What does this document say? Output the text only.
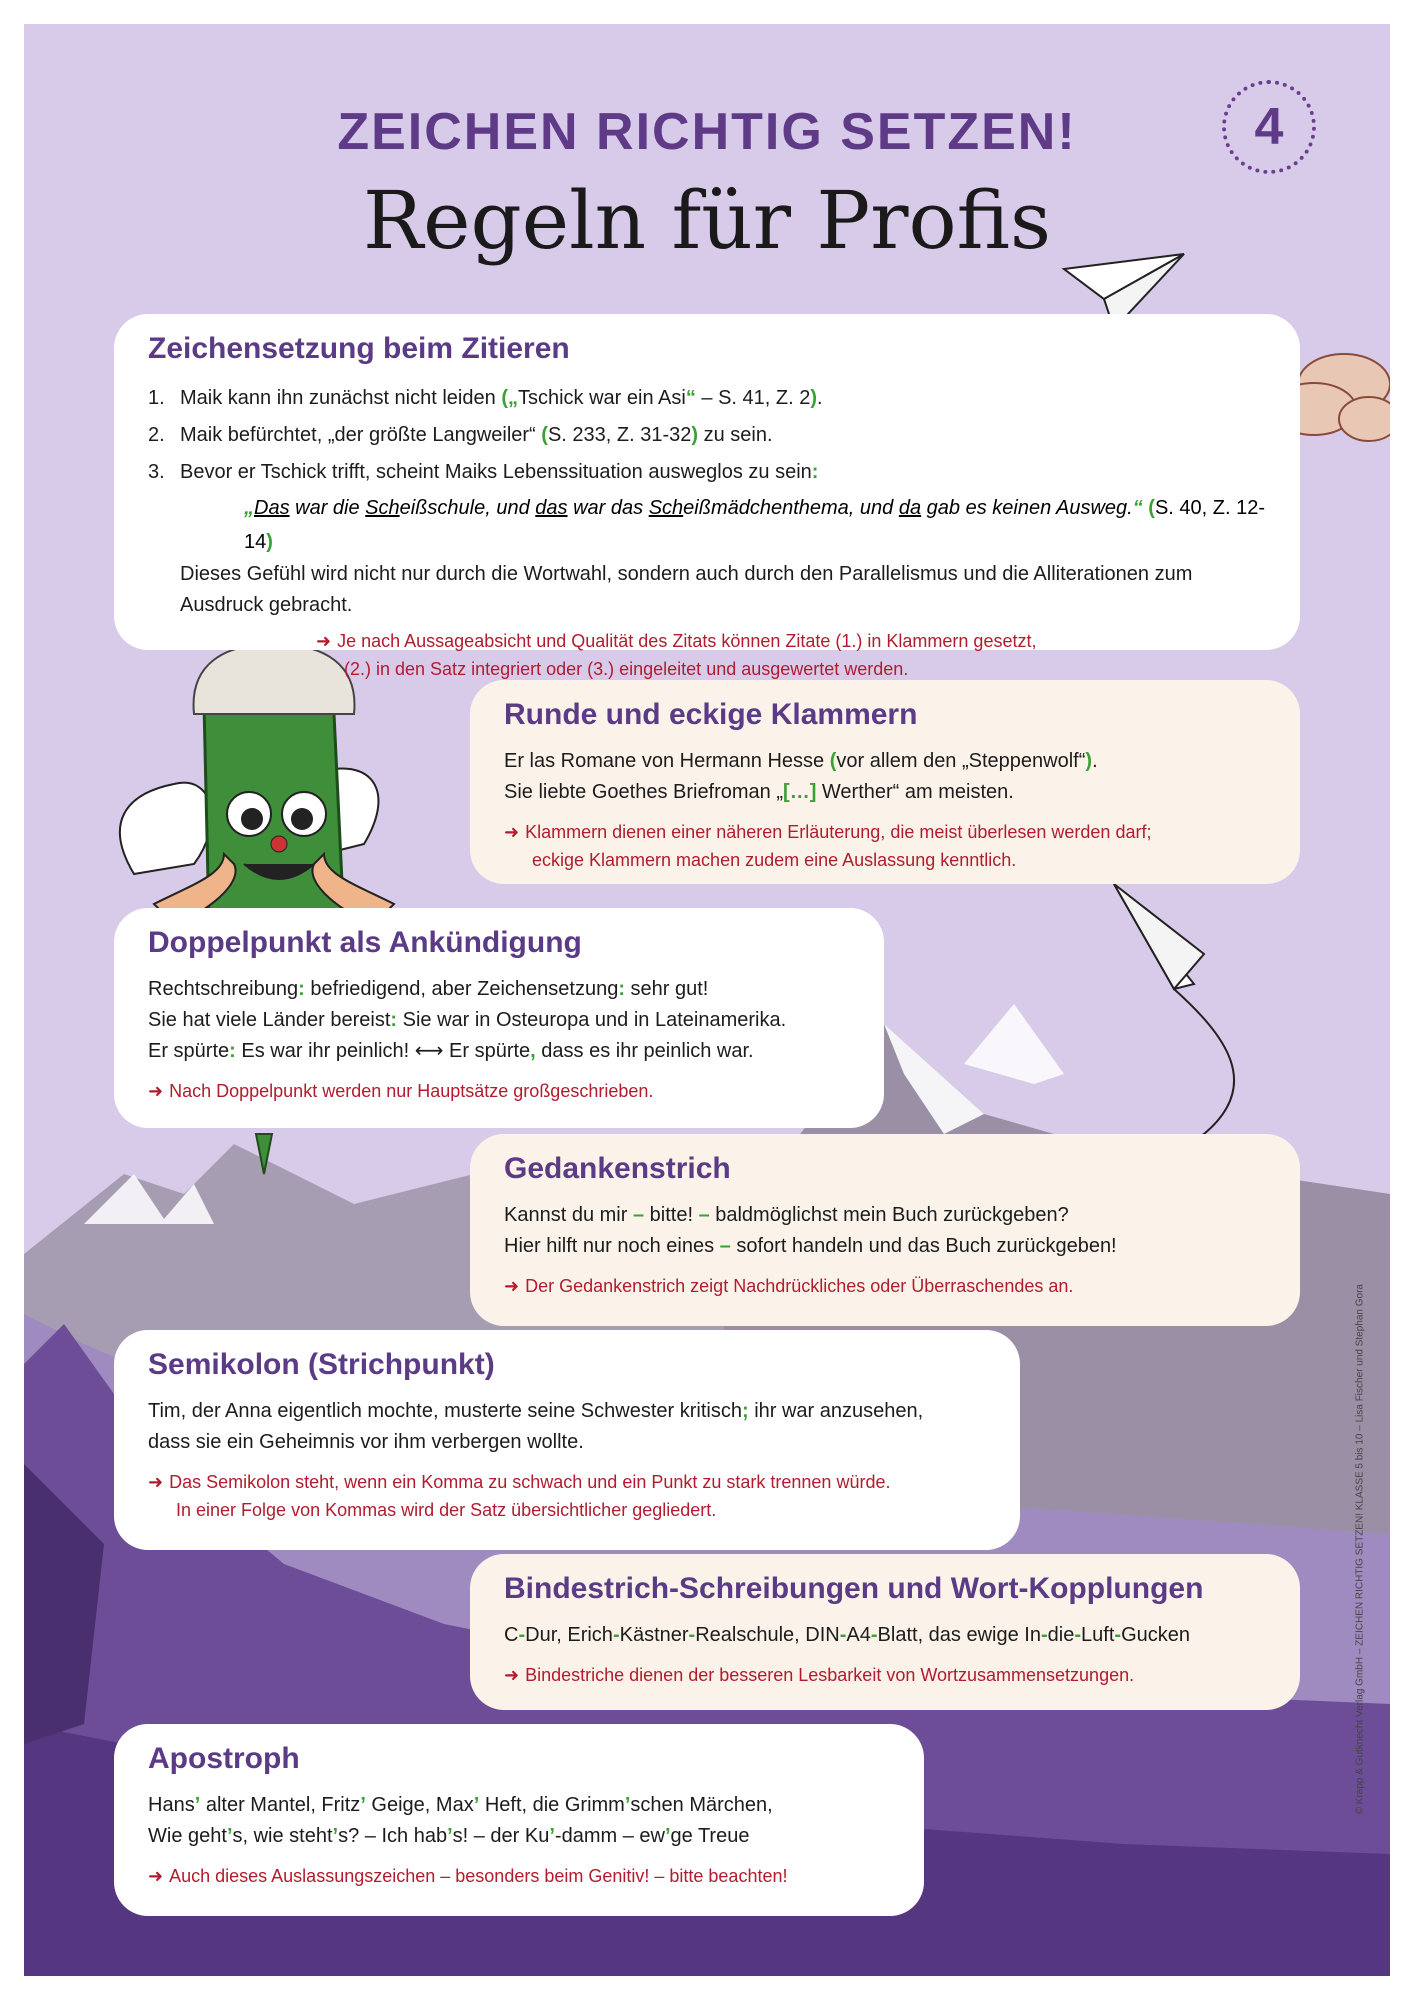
ZEICHEN RICHTIG SETZEN!
Regeln für Profis
4
Zeichensetzung beim Zitieren
1. Maik kann ihn zunächst nicht leiden („Tschick war ein Asi“ – S. 41, Z. 2).
2. Maik befürchtet, „der größte Langweiler“ (S. 233, Z. 31-32) zu sein.
3. Bevor er Tschick trifft, scheint Maiks Lebenssituation ausweglos zu sein:
„Das war die Scheißschule, und das war das Scheißmädchenthema, und da gab es keinen Ausweg.“ (S. 40, Z. 12-14)
Dieses Gefühl wird nicht nur durch die Wortwahl, sondern auch durch den Parallelismus und die Alliterationen zum Ausdruck gebracht.
➜ Je nach Aussageabsicht und Qualität des Zitats können Zitate (1.) in Klammern gesetzt,
(2.) in den Satz integriert oder (3.) eingeleitet und ausgewertet werden.
Runde und eckige Klammern
Er las Romane von Hermann Hesse (vor allem den „Steppenwolf“).
Sie liebte Goethes Briefroman „[…] Werther“ am meisten.
➜ Klammern dienen einer näheren Erläuterung, die meist überlesen werden darf;
eckige Klammern machen zudem eine Auslassung kenntlich.
Doppelpunkt als Ankündigung
Rechtschreibung: befriedigend, aber Zeichensetzung: sehr gut!
Sie hat viele Länder bereist: Sie war in Osteuropa und in Lateinamerika.
Er spürte: Es war ihr peinlich! ⟷ Er spürte, dass es ihr peinlich war.
➜ Nach Doppelpunkt werden nur Hauptsätze großgeschrieben.
Gedankenstrich
Kannst du mir – bitte! – baldmöglichst mein Buch zurückgeben?
Hier hilft nur noch eines – sofort handeln und das Buch zurückgeben!
➜ Der Gedankenstrich zeigt Nachdrückliches oder Überraschendes an.
Semikolon (Strichpunkt)
Tim, der Anna eigentlich mochte, musterte seine Schwester kritisch; ihr war anzusehen,
dass sie ein Geheimnis vor ihm verbergen wollte.
➜ Das Semikolon steht, wenn ein Komma zu schwach und ein Punkt zu stark trennen würde.
In einer Folge von Kommas wird der Satz übersichtlicher gegliedert.
Bindestrich-Schreibungen und Wort-Kopplungen
C-Dur, Erich-Kästner-Realschule, DIN-A4-Blatt, das ewige In-die-Luft-Gucken
➜ Bindestriche dienen der besseren Lesbarkeit von Wortzusammensetzungen.
Apostroph
Hans’ alter Mantel, Fritz’ Geige, Max’ Heft, die Grimm’schen Märchen,
Wie geht’s, wie steht’s? – Ich hab’s! – der Ku’-damm – ew’ge Treue
➜ Auch dieses Auslassungszeichen – besonders beim Genitiv! – bitte beachten!
© Krapp & Gutknecht Verlag GmbH – ZEICHEN RICHTIG SETZEN! KLASSE 5 bis 10 – Lisa Fischer und Stephan Gora
